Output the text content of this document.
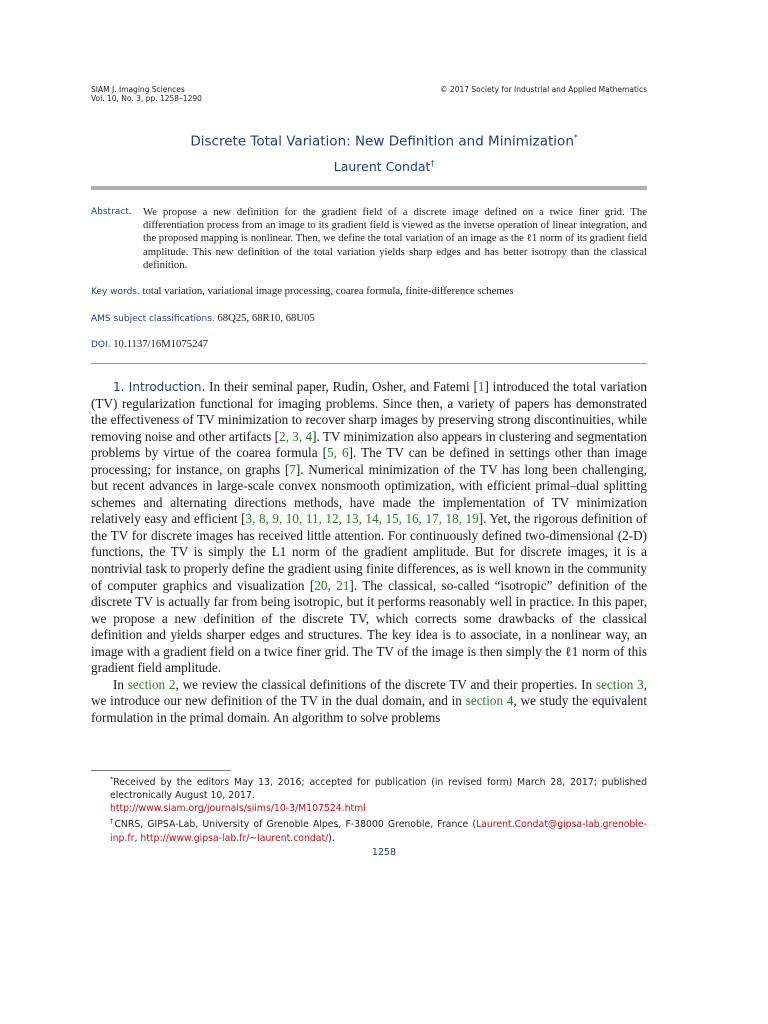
SIAM J. Imaging Sciences
Vol. 10, No. 3, pp. 1258–1290
© 2017 Society for Industrial and Applied Mathematics
Discrete Total Variation: New Definition and Minimization*
Laurent Condat†
Abstract. We propose a new definition for the gradient field of a discrete image defined on a twice finer grid. The differentiation process from an image to its gradient field is viewed as the inverse operation of linear integration, and the proposed mapping is nonlinear. Then, we define the total variation of an image as the ℓ1 norm of its gradient field amplitude. This new definition of the total variation yields sharp edges and has better isotropy than the classical definition.
Key words. total variation, variational image processing, coarea formula, finite-difference schemes
AMS subject classifications. 68Q25, 68R10, 68U05
DOI. 10.1137/16M1075247

1. Introduction. In their seminal paper, Rudin, Osher, and Fatemi [1] introduced the total variation (TV) regularization functional for imaging problems. Since then, a variety of papers has demonstrated the effectiveness of TV minimization to recover sharp images by preserving strong discontinuities, while removing noise and other artifacts [2, 3, 4]. TV minimization also appears in clustering and segmentation problems by virtue of the coarea formula [5, 6]. The TV can be defined in settings other than image processing; for instance, on graphs [7]. Numerical minimization of the TV has long been challenging, but recent advances in large-scale convex nonsmooth optimization, with efficient primal–dual splitting schemes and alternating directions methods, have made the implementation of TV minimization relatively easy and efficient [3, 8, 9, 10, 11, 12, 13, 14, 15, 16, 17, 18, 19]. Yet, the rigorous definition of the TV for discrete images has received little attention. For continuously defined two-dimensional (2-D) functions, the TV is simply the L1 norm of the gradient amplitude. But for discrete images, it is a nontrivial task to properly define the gradient using finite differences, as is well known in the community of computer graphics and visualization [20, 21]. The classical, so-called “isotropic” definition of the discrete TV is actually far from being isotropic, but it performs reasonably well in practice. In this paper, we propose a new definition of the discrete TV, which corrects some drawbacks of the classical definition and yields sharper edges and structures. The key idea is to associate, in a nonlinear way, an image with a gradient field on a twice finer grid. The TV of the image is then simply the ℓ1 norm of this gradient field amplitude.

In section 2, we review the classical definitions of the discrete TV and their properties. In section 3, we introduce our new definition of the TV in the dual domain, and in section 4, we study the equivalent formulation in the primal domain. An algorithm to solve problems

*Received by the editors May 13, 2016; accepted for publication (in revised form) March 28, 2017; published electronically August 10, 2017.

http://www.siam.org/journals/siims/10-3/M107524.html

†CNRS, GIPSA-Lab, University of Grenoble Alpes, F-38000 Grenoble, France (Laurent.Condat@gipsa-lab.grenoble-inp.fr, http://www.gipsa-lab.fr/~laurent.condat/).

1258
